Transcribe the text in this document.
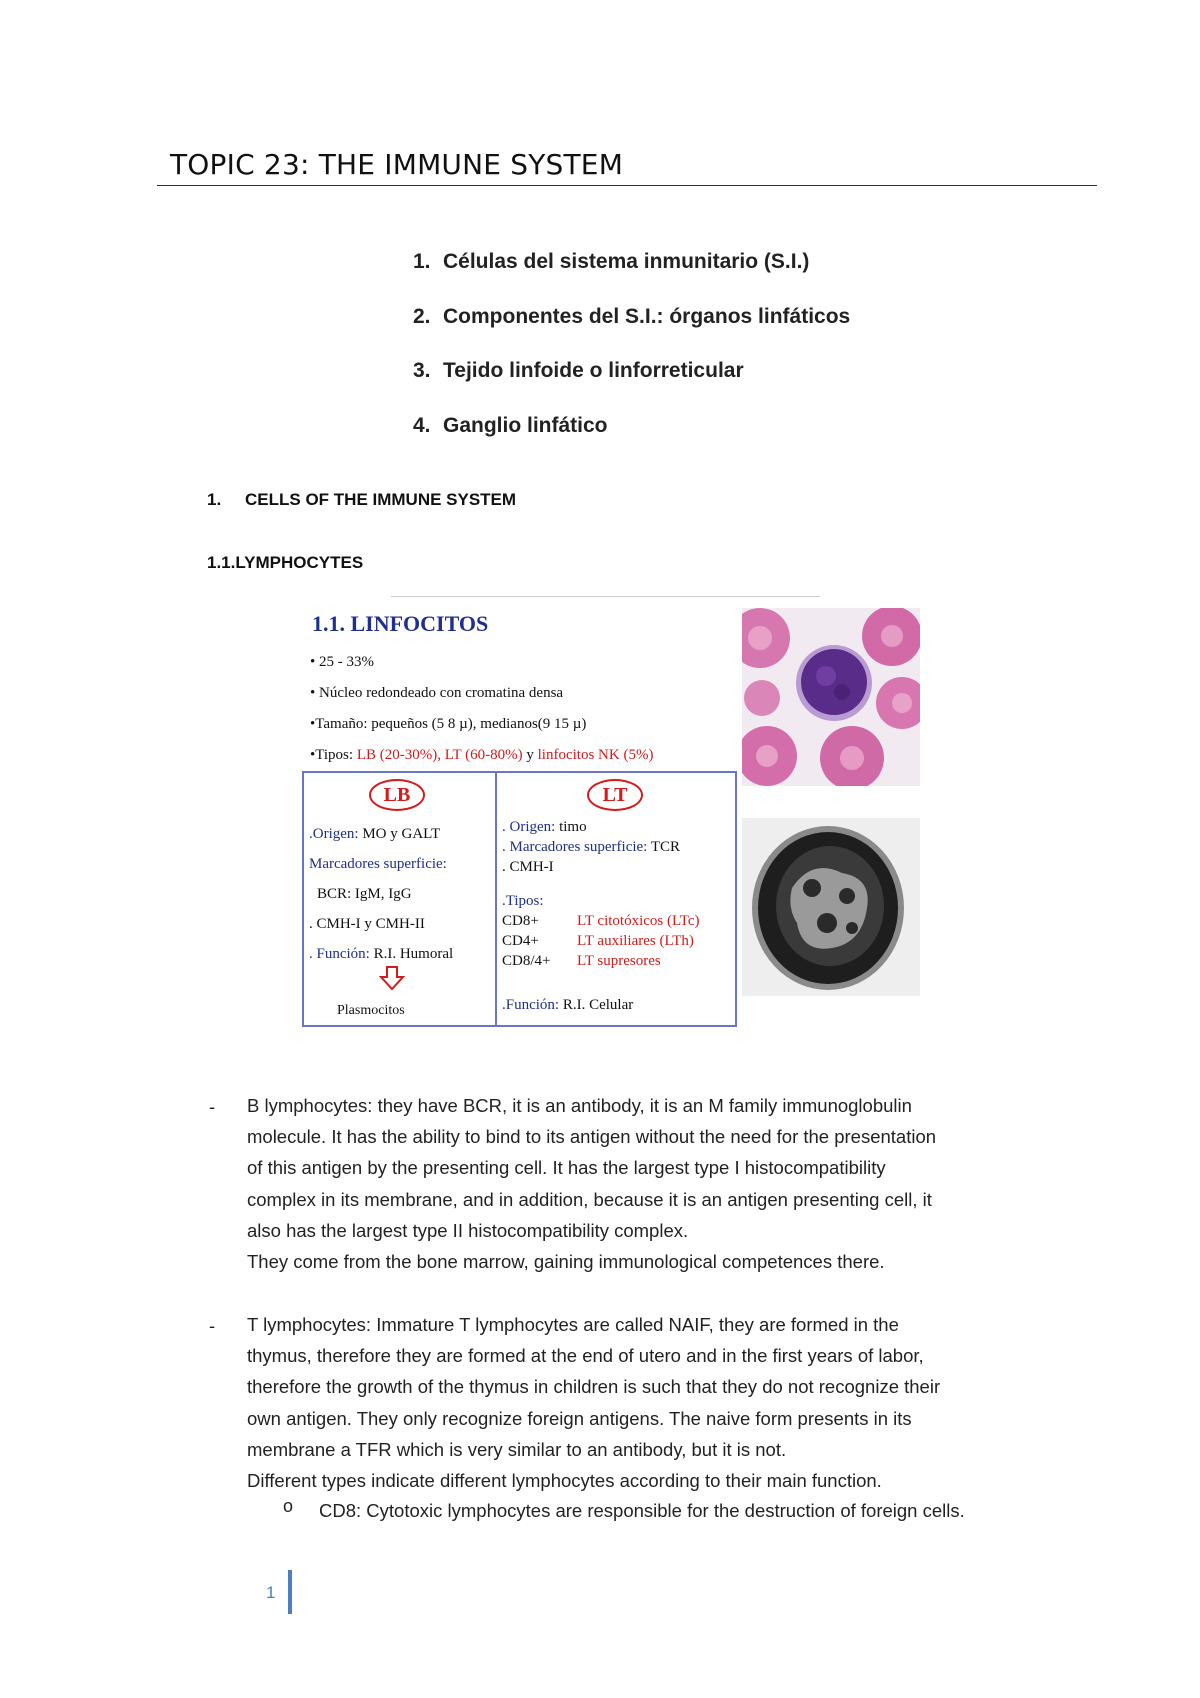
TOPIC 23: THE IMMUNE SYSTEM
1. Células del sistema inmunitario (S.I.)
2. Componentes del S.I.: órganos linfáticos
3. Tejido linfoide o linforreticular
4. Ganglio linfático
1. CELLS OF THE IMMUNE SYSTEM
1.1.LYMPHOCYTES
1.1. LINFOCITOS
• 25 - 33%
• Núcleo redondeado con cromatina densa
•Tamaño: pequeños (5 8 µ), medianos(9 15 µ)
•Tipos: LB (20-30%), LT (60-80%) y linfocitos NK (5%)
LB
.Origen: MO y GALT
Marcadores superficie:
BCR: IgM, IgG
. CMH-I y CMH-II
. Función: R.I. Humoral
Plasmocitos
LT
. Origen: timo
. Marcadores superficie: TCR
. CMH-I
.Tipos:
CD8+	LT citotóxicos (LTc)
CD4+	LT auxiliares (LTh)
CD8/4+	LT supresores
.Función: R.I. Celular
- B lymphocytes: they have BCR, it is an antibody, it is an M family immunoglobulin
molecule. It has the ability to bind to its antigen without the need for the presentation
of this antigen by the presenting cell. It has the largest type I histocompatibility
complex in its membrane, and in addition, because it is an antigen presenting cell, it
also has the largest type II histocompatibility complex.
They come from the bone marrow, gaining immunological competences there.
- T lymphocytes: Immature T lymphocytes are called NAIF, they are formed in the
thymus, therefore they are formed at the end of utero and in the first years of labor,
therefore the growth of the thymus in children is such that they do not recognize their
own antigen. They only recognize foreign antigens. The naive form presents in its
membrane a TFR which is very similar to an antibody, but it is not.
Different types indicate different lymphocytes according to their main function.
o CD8: Cytotoxic lymphocytes are responsible for the destruction of foreign cells.
1
